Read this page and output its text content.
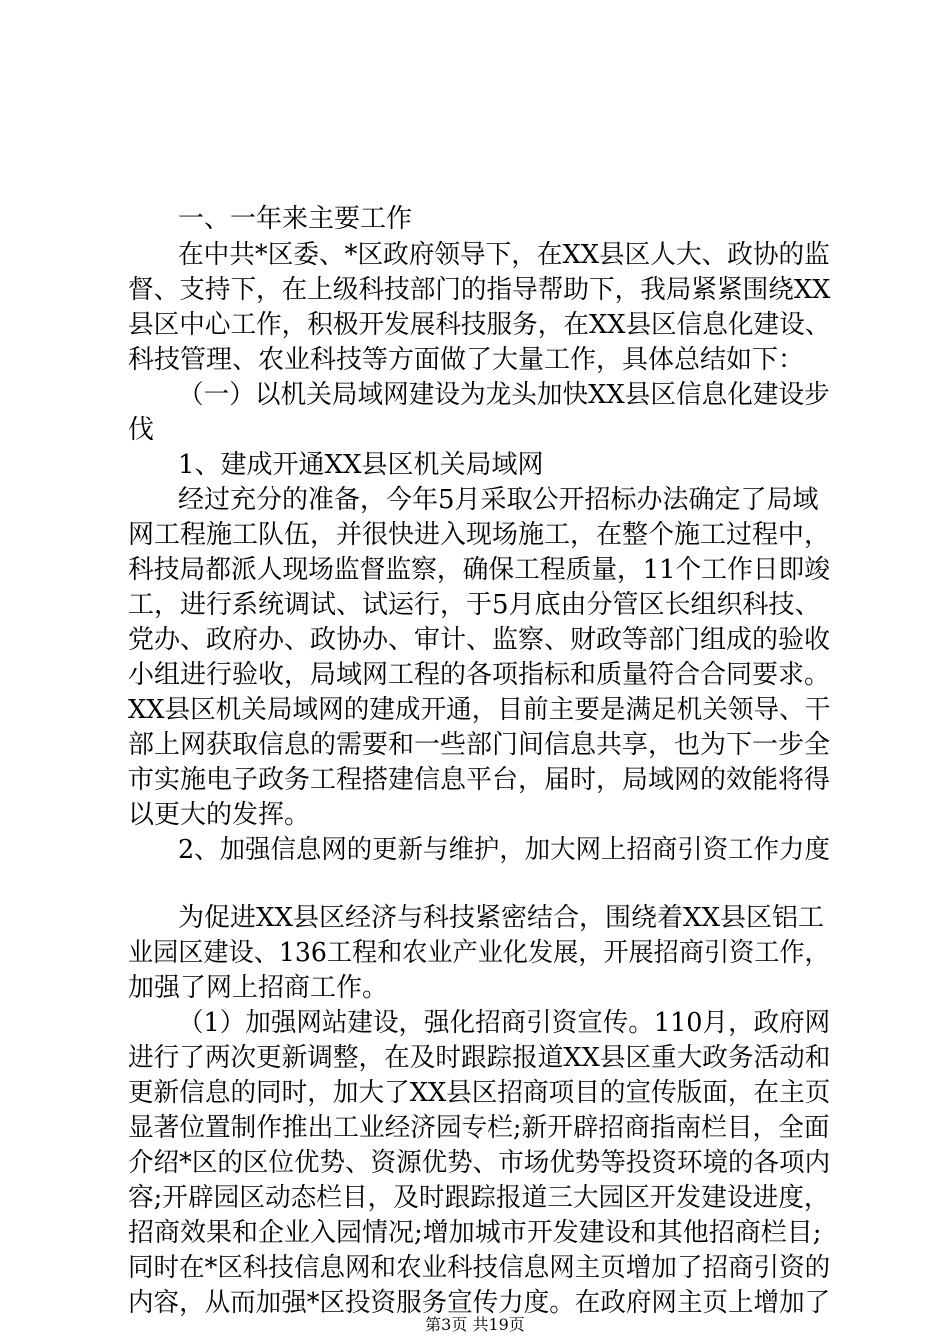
一、一年来主要工作
在中共*区委、*区政府领导下，在XX县区人大、政协的监
督、支持下，在上级科技部门的指导帮助下，我局紧紧围绕XX
县区中心工作，积极开发展科技服务，在XX县区信息化建设、
科技管理、农业科技等方面做了大量工作，具体总结如下：
（一）以机关局域网建设为龙头加快XX县区信息化建设步
伐
1、建成开通XX县区机关局域网
经过充分的准备，今年5月采取公开招标办法确定了局域
网工程施工队伍，并很快进入现场施工，在整个施工过程中，
科技局都派人现场监督监察，确保工程质量，11个工作日即竣
工，进行系统调试、试运行，于5月底由分管区长组织科技、
党办、政府办、政协办、审计、监察、财政等部门组成的验收
小组进行验收，局域网工程的各项指标和质量符合合同要求。
XX县区机关局域网的建成开通，目前主要是满足机关领导、干
部上网获取信息的需要和一些部门间信息共享，也为下一步全
市实施电子政务工程搭建信息平台，届时，局域网的效能将得
以更大的发挥。
2、加强信息网的更新与维护，加大网上招商引资工作力度
为促进XX县区经济与科技紧密结合，围绕着XX县区铝工
业园区建设、136工程和农业产业化发展，开展招商引资工作，
加强了网上招商工作。
（1）加强网站建设，强化招商引资宣传。110月，政府网
进行了两次更新调整，在及时跟踪报道XX县区重大政务活动和
更新信息的同时，加大了XX县区招商项目的宣传版面，在主页
显著位置制作推出工业经济园专栏;新开辟招商指南栏目，全面
介绍*区的区位优势、资源优势、市场优势等投资环境的各项内
容;开辟园区动态栏目，及时跟踪报道三大园区开发建设进度，
招商效果和企业入园情况;增加城市开发建设和其他招商栏目;
同时在*区科技信息网和农业科技信息网主页增加了招商引资的
内容，从而加强*区投资服务宣传力度。在政府网主页上增加了
第3页 共19页
